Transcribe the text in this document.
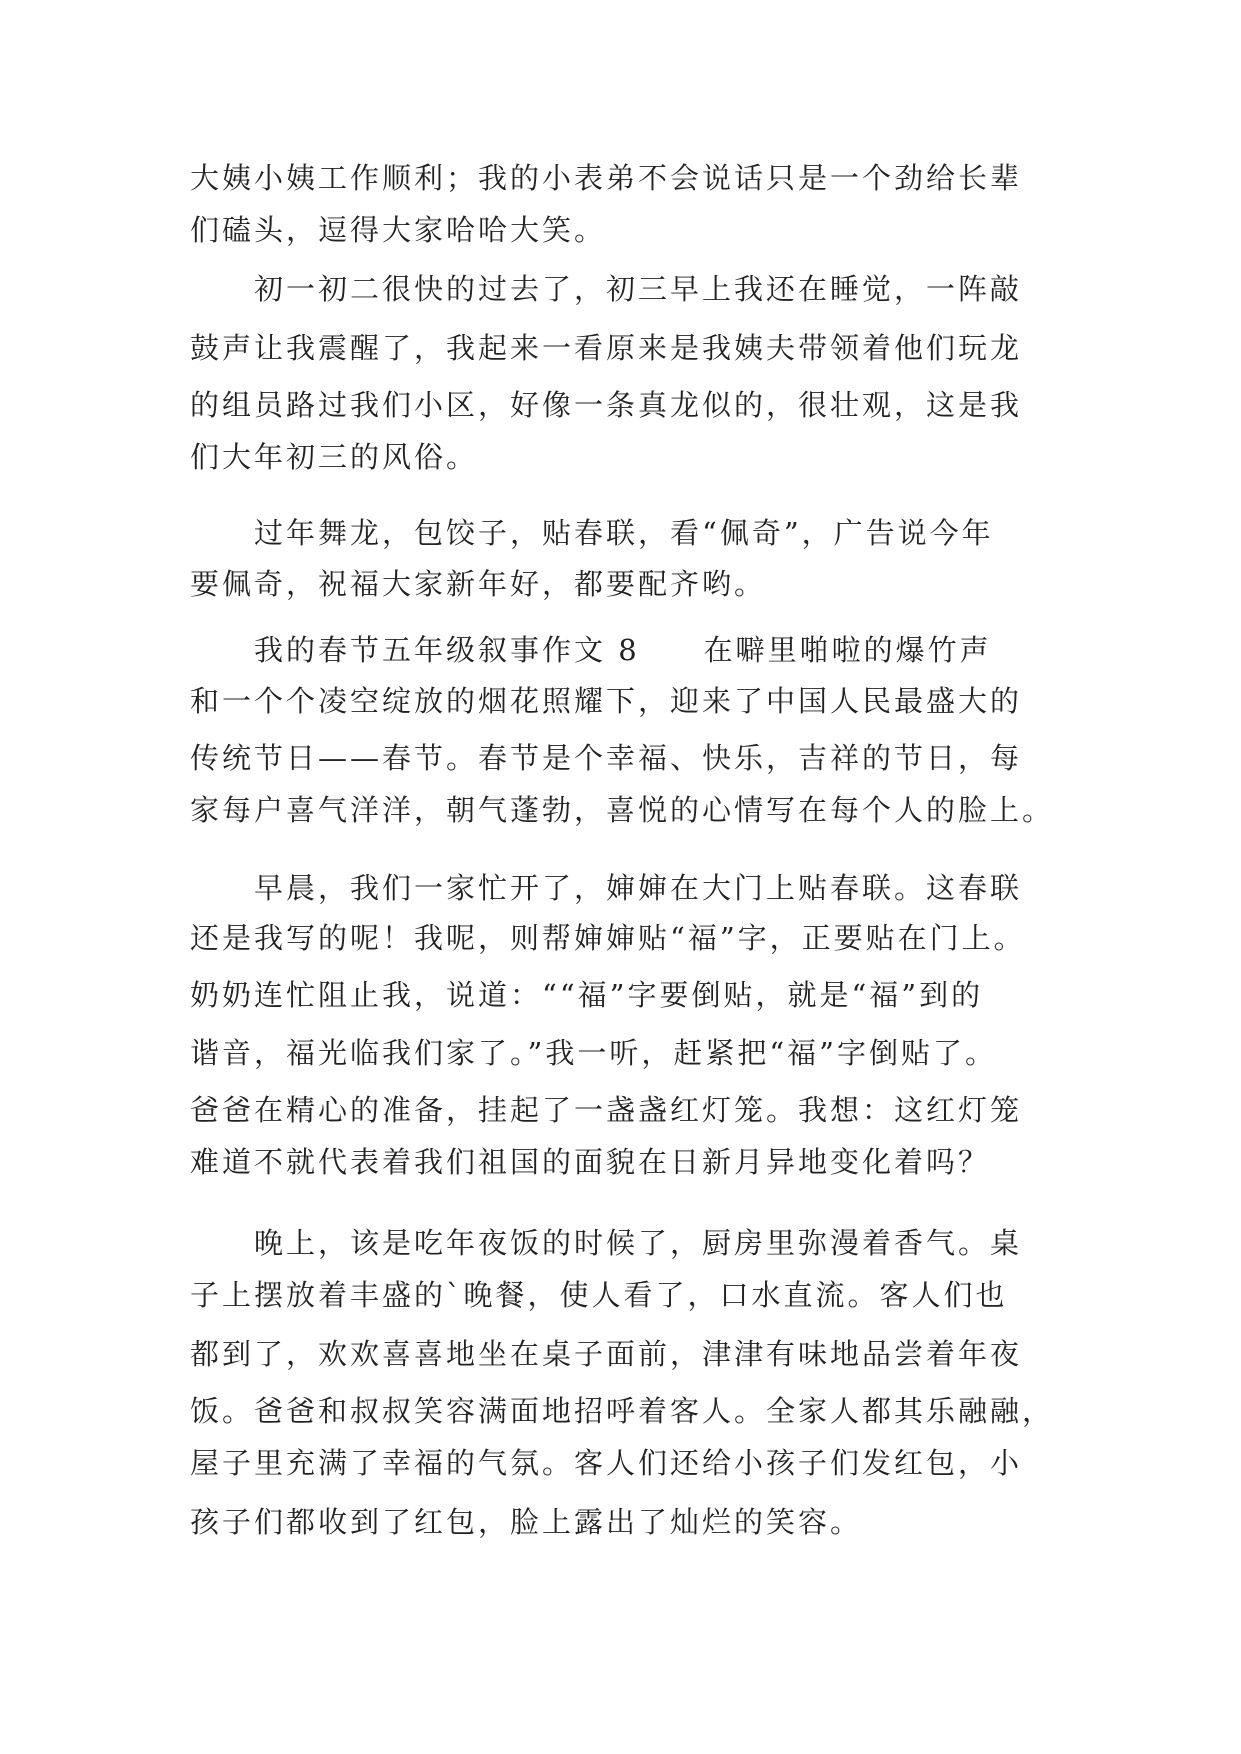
大姨小姨工作顺利；我的小表弟不会说话只是一个劲给长辈
们磕头，逗得大家哈哈大笑。
初一初二很快的过去了，初三早上我还在睡觉，一阵敲
鼓声让我震醒了，我起来一看原来是我姨夫带领着他们玩龙
的组员路过我们小区，好像一条真龙似的，很壮观，这是我
们大年初三的风俗。
过年舞龙，包饺子，贴春联，看“佩奇”，广告说今年
要佩奇，祝福大家新年好，都要配齐哟。
我的春节五年级叙事作文 8　　在噼里啪啦的爆竹声
和一个个凌空绽放的烟花照耀下，迎来了中国人民最盛大的
传统节日——春节。春节是个幸福、快乐，吉祥的节日，每
家每户喜气洋洋，朝气蓬勃，喜悦的心情写在每个人的脸上。
早晨，我们一家忙开了，婶婶在大门上贴春联。这春联
还是我写的呢！我呢，则帮婶婶贴“福”字，正要贴在门上。
奶奶连忙阻止我，说道：““福”字要倒贴，就是“福”到的
谐音，福光临我们家了。”我一听，赶紧把“福”字倒贴了。
爸爸在精心的准备，挂起了一盏盏红灯笼。我想：这红灯笼
难道不就代表着我们祖国的面貌在日新月异地变化着吗？
晚上，该是吃年夜饭的时候了，厨房里弥漫着香气。桌
子上摆放着丰盛的`晚餐，使人看了，口水直流。客人们也
都到了，欢欢喜喜地坐在桌子面前，津津有味地品尝着年夜
饭。爸爸和叔叔笑容满面地招呼着客人。全家人都其乐融融，
屋子里充满了幸福的气氛。客人们还给小孩子们发红包，小
孩子们都收到了红包，脸上露出了灿烂的笑容。
